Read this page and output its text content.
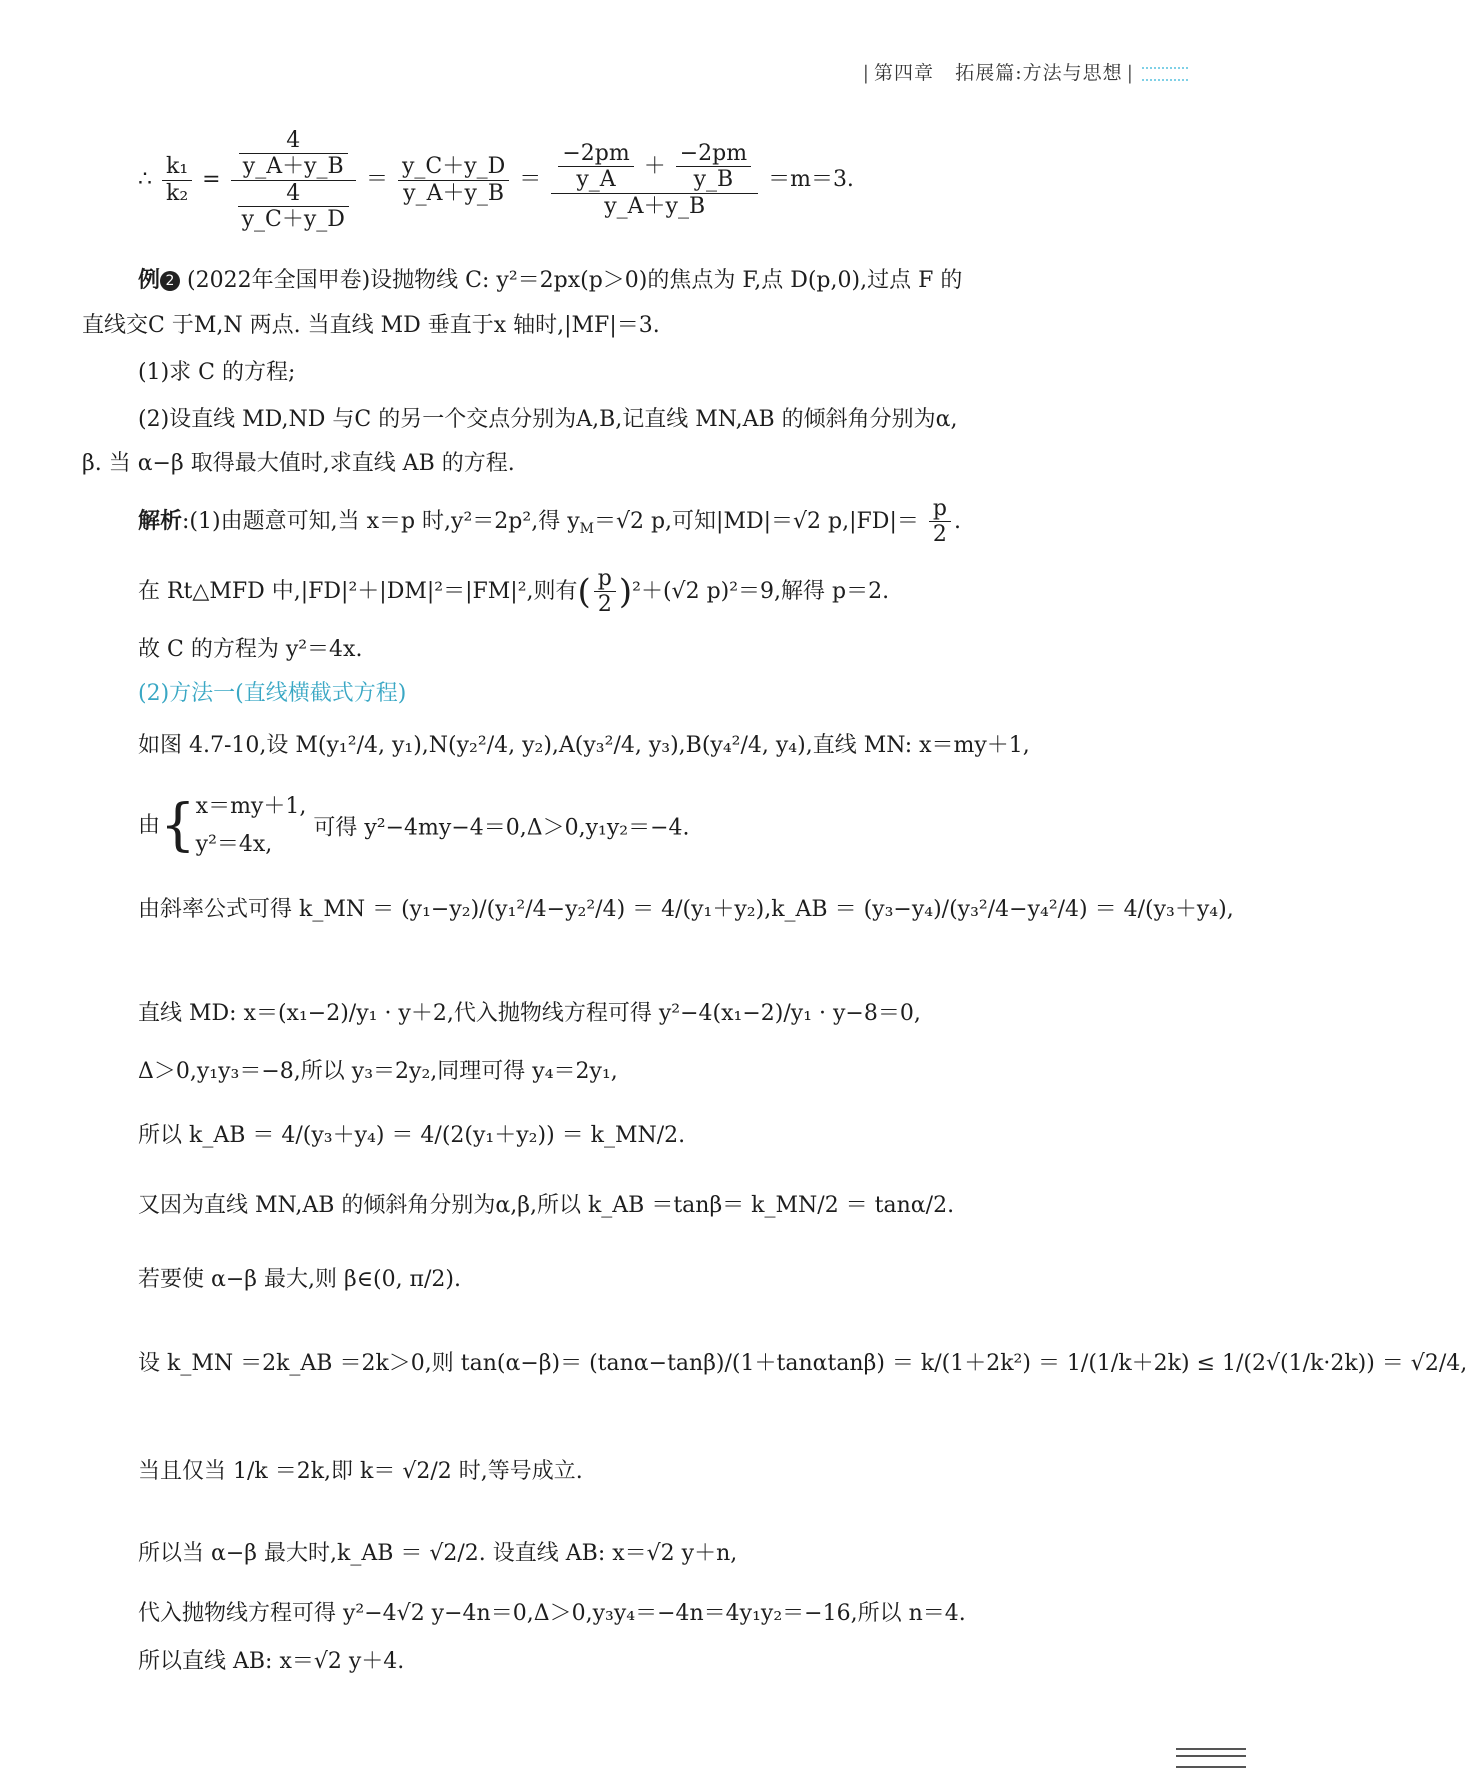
| 第四章 拓展篇:方法与思想 |
∴ $\frac{\text{k₁}}{\text{k₂}} = \frac{\frac{4}{y\_A+y\_B}}{\frac{4}{y\_C+y\_D}} = \frac{y\_C+y\_D}{y\_A+y\_B} = \frac{\frac{-2pm}{y\_A} + \frac{-2pm}{y\_B}}{y\_A+y\_B} =m=3$.
例 2 (2022年全国甲卷)设抛物线 C: y²＝2px(p＞0)的焦点为 F,点 D(p,0),过点 F 的
直线交C 于M,N 两点. 当直线 MD 垂直于x 轴时,|MF|＝3.
(1)求 C 的方程;
(2)设直线 MD,ND 与C 的另一个交点分别为A,B,记直线 MN,AB 的倾斜角分别为α,
β. 当 α−β 取得最大值时,求直线 AB 的方程.
解析:(1)由题意可知,当 x＝p 时,y²＝2p²,得 $y_M=√2$ p,可知|MD|＝√2 $p,|FD|= \frac{p}{2}$ .
在 Rt△MFD 中,|FD|²＋|DM|²＝|FM|²,则有( $\frac{p}{2} )^2+(√2$ p)²＝9,解得 p＝2.
故 C 的方程为 y²＝4x.
(2)方法一(直线横截式方程)
如图 4.7-10,设 M(y₁²/4, y₁),N(y₂²/4, y₂),A(y₃²/4, y₃),B(y₄²/4, y₄),直线 MN: x＝my＋1,
由{ x＝my＋1,
y²＝4x,
可得 y²−4my−4＝0,Δ＞0,y₁y₂＝−4.
由斜率公式可得 k_MN ＝ (y₁−y₂)/(y₁²/4−y₂²/4) ＝ 4/(y₁＋y₂),k_AB ＝ (y₃−y₄)/(y₃²/4−y₄²/4) ＝ 4/(y₃＋y₄),
直线 MD: x＝(x₁−2)/y₁ · y＋2,代入抛物线方程可得 y²−4(x₁−2)/y₁ · y−8＝0,
Δ＞0,y₁y₃＝−8,所以 y₃＝2y₂,同理可得 y₄＝2y₁,
所以 k_AB ＝ 4/(y₃＋y₄) ＝ 4/(2(y₁＋y₂)) ＝ k_MN/2.
又因为直线 MN,AB 的倾斜角分别为α,β,所以 k_AB ＝tanβ＝ k_MN/2 ＝ tanα/2.
若要使 α−β 最大,则 β∈(0, π/2).
设 k_MN ＝2k_AB ＝2k＞0,则 tan(α−β)＝ (tanα−tanβ)/(1＋tanαtanβ) ＝ k/(1＋2k²) ＝ 1/(1/k＋2k) ≤ 1/(2√(1/k·2k)) ＝ √2/4,
当且仅当 1/k ＝2k,即 k＝ √2/2 时,等号成立.
所以当 α−β 最大时,k_AB ＝ √2/2. 设直线 AB: x＝√2 y＋n,
代入抛物线方程可得 y²−4√2 y−4n＝0,Δ＞0,y₃y₄＝−4n＝4y₁y₂＝−16,所以 n＝4.
所以直线 AB: x＝√2 y＋4.
